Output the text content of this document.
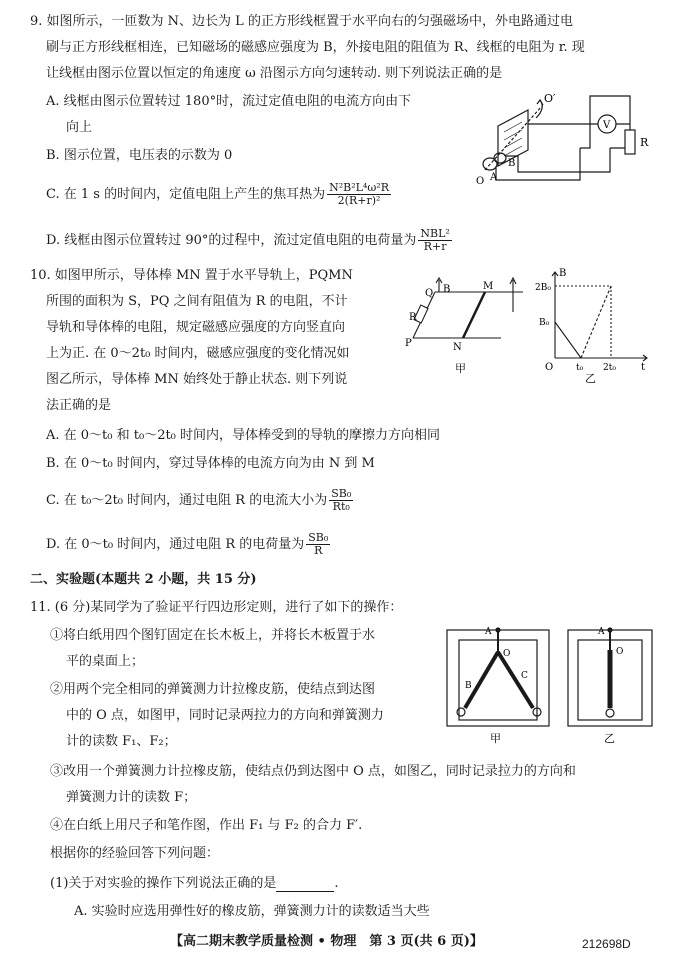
9. 如图所示，一匝数为 N、边长为 L 的正方形线框置于水平向右的匀强磁场中，外电路通过电
刷与正方形线框相连，已知磁场的磁感应强度为 B，外接电阻的阻值为 R、线框的电阻为 r. 现
让线框由图示位置以恒定的角速度 ω 沿图示方向匀速转动. 则下列说法正确的是
A. 线框由图示位置转过 180°时，流过定值电阻的电流方向由下
向上
B. 图示位置，电压表的示数为 0
C. 在 1 s 的时间内，定值电阻上产生的焦耳热为 $\frac{\text{N²B²L⁴ω²R}}{\text{2(R+r)²}}$
D. 线框由图示位置转过 90°的过程中，流过定值电阻的电荷量为 $\frac{\text{NBL²}}{R+r}$
O′
O A
B
V
R
10. 如图甲所示，导体棒 MN 置于水平导轨上，PQMN
所围的面积为 S，PQ 之间有阻值为 R 的电阻，不计
导轨和导体棒的电阻，规定磁感应强度的方向竖直向
上为正. 在 0～2t₀ 时间内，磁感应强度的变化情况如
图乙所示，导体棒 MN 始终处于静止状态. 则下列说
法正确的是
A. 在 0～t₀ 和 t₀～2t₀ 时间内，导体棒受到的导轨的摩擦力方向相同
B. 在 0～t₀ 时间内，穿过导体棒的电流方向为由 N 到 M
C. 在 t₀～2t₀ 时间内，通过电阻 R 的电流大小为 $\frac{\text{SB₀}}{\text{Rt₀}}$
D. 在 0～t₀ 时间内，通过电阻 R 的电荷量为 $\frac{\text{SB₀}}{R}$
Q B	M
R
P	N
甲
B
2B₀
B₀
O	t₀ 2t₀	t
乙
二、实验题(本题共 2 小题，共 15 分)
11. (6 分)某同学为了验证平行四边形定则，进行了如下的操作：
①将白纸用四个图钉固定在长木板上，并将长木板置于水
平的桌面上；
②用两个完全相同的弹簧测力计拉橡皮筋，使结点到达图
中的 O 点，如图甲，同时记录两拉力的方向和弹簧测力
计的读数 F₁、F₂；
③改用一个弹簧测力计拉橡皮筋，使结点仍到达图中 O 点，如图乙，同时记录拉力的方向和
弹簧测力计的读数 F；
④在白纸上用尺子和笔作图，作出 F₁ 与 F₂ 的合力 F′.
根据你的经验回答下列问题：
(1)关于对实验的操作下列说法正确的是	.
A. 实验时应选用弹性好的橡皮筋，弹簧测力计的读数适当大些
A
O
B
C
甲
A
O
乙
【高二期末教学质量检测 • 物理　第 3 页(共 6 页)】	212698D
